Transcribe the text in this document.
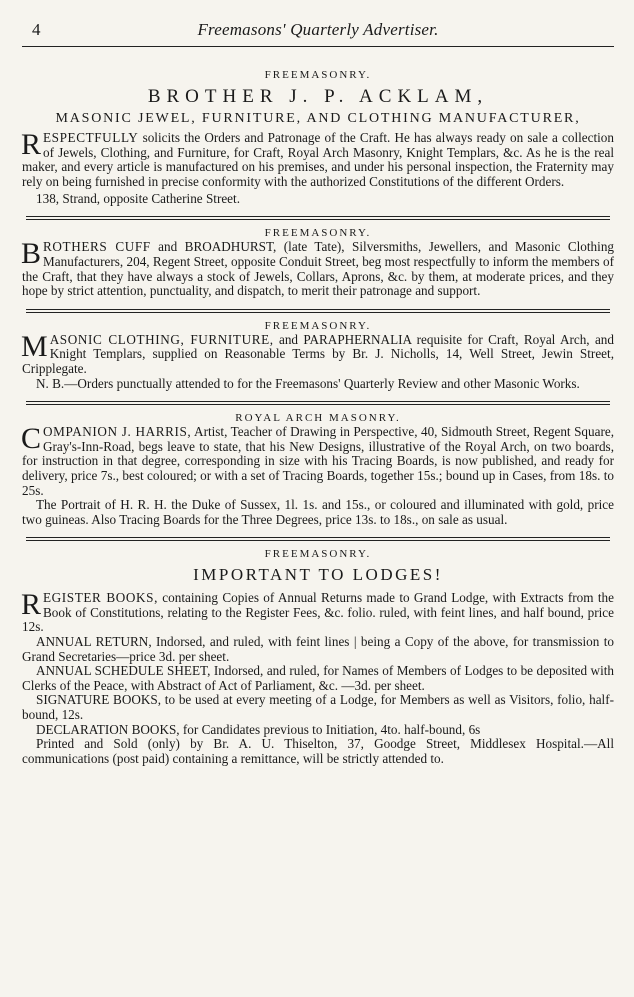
4	Freemasons' Quarterly Advertiser.

FREEMASONRY.

BROTHER J. P. ACKLAM,

MASONIC JEWEL, FURNITURE, AND CLOTHING MANUFACTURER,

RESPECTFULLY solicits the Orders and Patronage of the Craft. He has always ready on sale a collection of Jewels, Clothing, and Furniture, for Craft, Royal Arch Masonry, Knight Templars, &c. As he is the real maker, and every article is manufactured on his premises, and under his personal inspection, the Fraternity may rely on being furnished in precise conformity with the authorized Constitutions of the different Orders.

138, Strand, opposite Catherine Street.

FREEMASONRY.

BROTHERS CUFF and BROADHURST, (late Tate), Silversmiths, Jewellers, and Masonic Clothing Manufacturers, 204, Regent Street, opposite Conduit Street, beg most respectfully to inform the members of the Craft, that they have always a stock of Jewels, Collars, Aprons, &c. by them, at moderate prices, and they hope by strict attention, punctuality, and dispatch, to merit their patronage and support.

FREEMASONRY.

MASONIC CLOTHING, FURNITURE, and PARAPHERNALIA requisite for Craft, Royal Arch, and Knight Templars, supplied on Reasonable Terms by Br. J. Nicholls, 14, Well Street, Jewin Street, Cripplegate.

N. B.—Orders punctually attended to for the Freemasons' Quarterly Review and other Masonic Works.

ROYAL ARCH MASONRY.

COMPANION J. HARRIS, Artist, Teacher of Drawing in Perspective, 40, Sidmouth Street, Regent Square, Gray's-Inn-Road, begs leave to state, that his New Designs, illustrative of the Royal Arch, on two boards, for instruction in that degree, corresponding in size with his Tracing Boards, is now published, and ready for delivery, price 7s., best coloured; or with a set of Tracing Boards, together 15s.; bound up in Cases, from 18s. to 25s.

The Portrait of H. R. H. the Duke of Sussex, 1l. 1s. and 15s., or coloured and illuminated with gold, price two guineas. Also Tracing Boards for the Three Degrees, price 13s. to 18s., on sale as usual.

FREEMASONRY.

IMPORTANT TO LODGES!

REGISTER BOOKS, containing Copies of Annual Returns made to Grand Lodge, with Extracts from the Book of Constitutions, relating to the Register Fees, &c. folio. ruled, with feint lines, and half bound, price 12s.

ANNUAL RETURN, Indorsed, and ruled, with feint lines | being a Copy of the above, for transmission to Grand Secretaries—price 3d. per sheet.

ANNUAL SCHEDULE SHEET, Indorsed, and ruled, for Names of Members of Lodges to be deposited with Clerks of the Peace, with Abstract of Act of Parliament, &c. —3d. per sheet.

SIGNATURE BOOKS, to be used at every meeting of a Lodge, for Members as well as Visitors, folio, half-bound, 12s.

DECLARATION BOOKS, for Candidates previous to Initiation, 4to. half-bound, 6s

Printed and Sold (only) by Br. A. U. Thiselton, 37, Goodge Street, Middlesex Hospital.—All communications (post paid) containing a remittance, will be strictly attended to.
